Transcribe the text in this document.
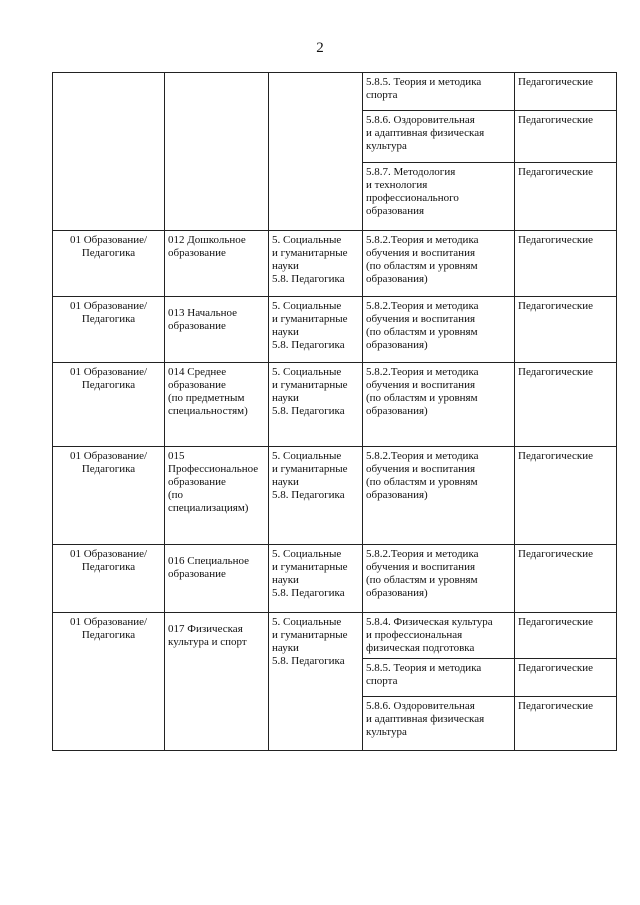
2
			5.8.5. Теория и методика
спорта	Педагогические
			5.8.6. Оздоровительная
и адаптивная физическая
культура	Педагогические
			5.8.7. Методология
и технология
профессионального
образования	Педагогические
01 Образование/
Педагогика	012 Дошкольное
образование	5. Социальные
и гуманитарные
науки
5.8. Педагогика	5.8.2.Теория и методика
обучения и воспитания
(по областям и уровням
образования)	Педагогические
01 Образование/
Педагогика	013 Начальное
образование	5. Социальные
и гуманитарные
науки
5.8. Педагогика	5.8.2.Теория и методика
обучения и воспитания
(по областям и уровням
образования)	Педагогические
01 Образование/
Педагогика	014 Среднее
образование
(по предметным
специальностям)	5. Социальные
и гуманитарные
науки
5.8. Педагогика	5.8.2.Теория и методика
обучения и воспитания
(по областям и уровням
образования)	Педагогические
01 Образование/
Педагогика	015
Профессиональное
образование
(по
специализациям)	5. Социальные
и гуманитарные
науки
5.8. Педагогика	5.8.2.Теория и методика
обучения и воспитания
(по областям и уровням
образования)	Педагогические
01 Образование/
Педагогика	016 Специальное
образование	5. Социальные
и гуманитарные
науки
5.8. Педагогика	5.8.2.Теория и методика
обучения и воспитания
(по областям и уровням
образования)	Педагогические
01 Образование/
Педагогика	017 Физическая
культура и спорт	5. Социальные
и гуманитарные
науки
5.8. Педагогика	5.8.4. Физическая культура
и профессиональная
физическая подготовка	Педагогические
			5.8.5. Теория и методика
спорта	Педагогические
			5.8.6. Оздоровительная
и адаптивная физическая
культура	Педагогические
